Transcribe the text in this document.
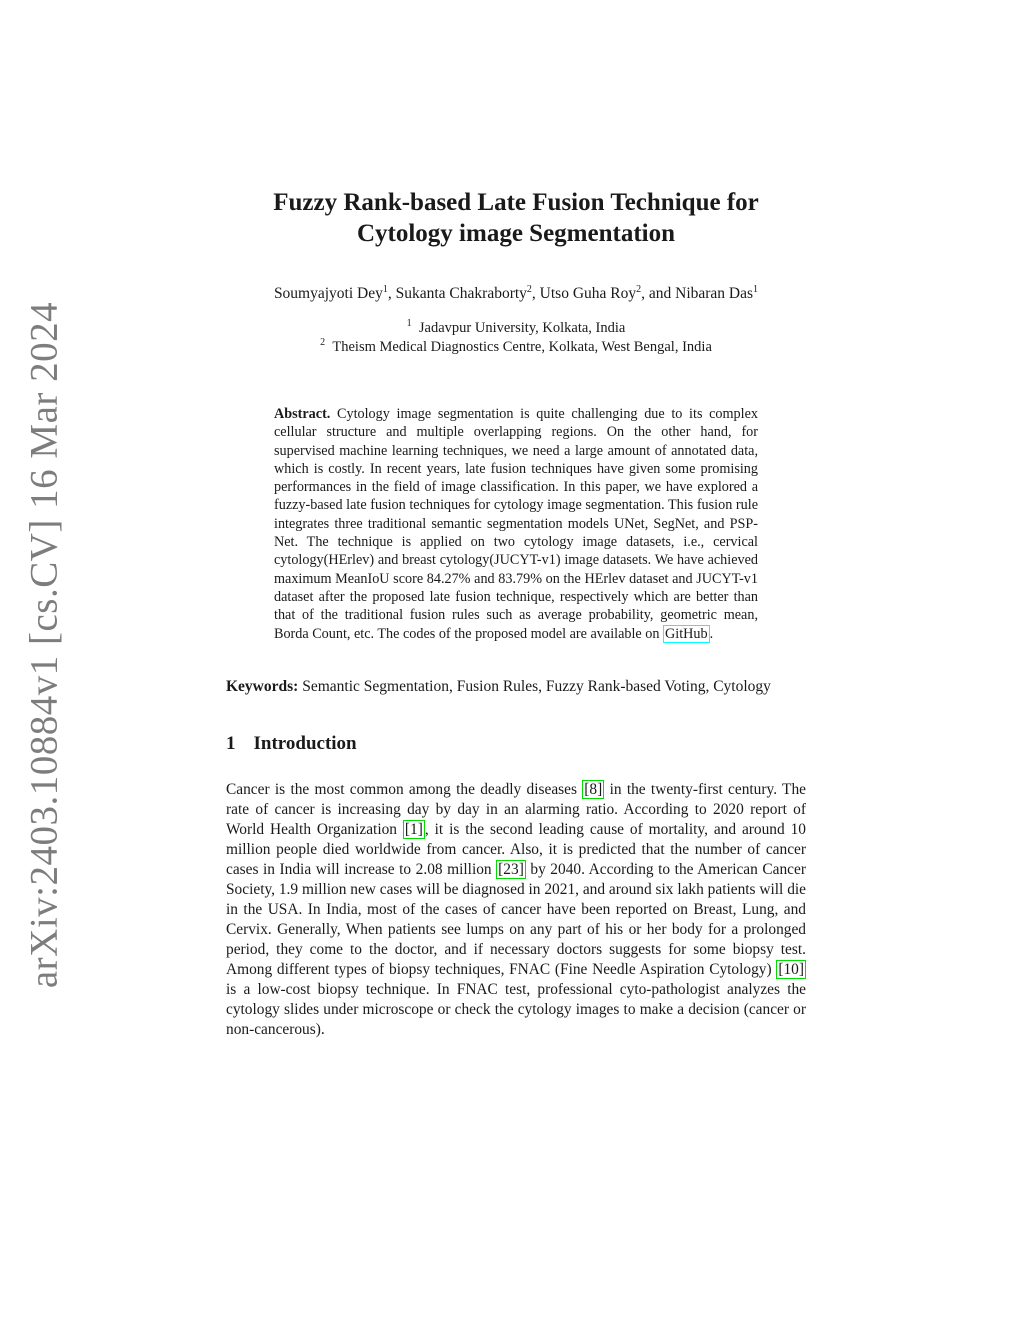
arXiv:2403.10884v1 [cs.CV] 16 Mar 2024
Fuzzy Rank-based Late Fusion Technique for
Cytology image Segmentation
Soumyajyoti Dey$^1$, Sukanta Chakraborty$^2$, Utso Guha Roy$^2$, and Nibaran Das$^1$
$^1$ Jadavpur University, Kolkata, India
$^2$ Theism Medical Diagnostics Centre, Kolkata, West Bengal, India
Abstract. Cytology image segmentation is quite challenging due to its complex cellular structure and multiple overlapping regions. On the other hand, for supervised machine learning techniques, we need a large amount of annotated data, which is costly. In recent years, late fusion techniques have given some promising performances in the field of image classification. In this paper, we have explored a fuzzy-based late fusion techniques for cytology image segmentation. This fusion rule integrates three traditional semantic segmentation models UNet, SegNet, and PSP-Net. The technique is applied on two cytology image datasets, i.e., cervical cytology(HErlev) and breast cytology(JUCYT-v1) image datasets. We have achieved maximum MeanIoU score 84.27% and 83.79% on the HErlev dataset and JUCYT-v1 dataset after the proposed late fusion technique, respectively which are better than that of the traditional fusion rules such as average probability, geometric mean, Borda Count, etc. The codes of the proposed model are available on GitHub .
Keywords: Semantic Segmentation, Fusion Rules, Fuzzy Rank-based Voting, Cytology
1 Introduction
Cancer is the most common among the deadly diseases [8] in the twenty-first century. The rate of cancer is increasing day by day in an alarming ratio. According to 2020 report of World Health Organization [1] , it is the second leading cause of mortality, and around 10 million people died worldwide from cancer. Also, it is predicted that the number of cancer cases in India will increase to 2.08 million [23] by 2040. According to the American Cancer Society, 1.9 million new cases will be diagnosed in 2021, and around six lakh patients will die in the USA. In India, most of the cases of cancer have been reported on Breast, Lung, and Cervix. Generally, When patients see lumps on any part of his or her body for a prolonged period, they come to the doctor, and if necessary doctors suggests for some biopsy test. Among different types of biopsy techniques, FNAC (Fine Needle Aspiration Cytology) [10] is a low-cost biopsy technique. In FNAC test, professional cyto-pathologist analyzes the cytology slides under microscope or check the cytology images to make a decision (cancer or non-cancerous).
